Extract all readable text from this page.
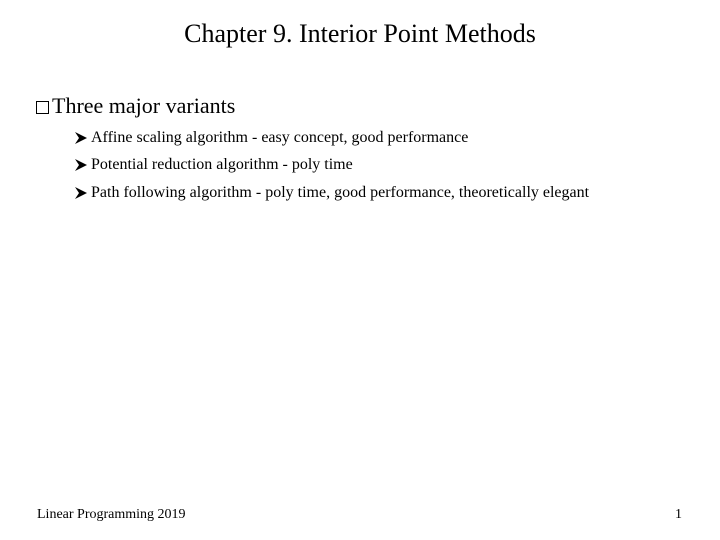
Chapter 9. Interior Point Methods
Three major variants
Affine scaling algorithm - easy concept, good performance
Potential reduction algorithm - poly time
Path following algorithm - poly time, good performance, theoretically elegant
Linear Programming 2019	1
